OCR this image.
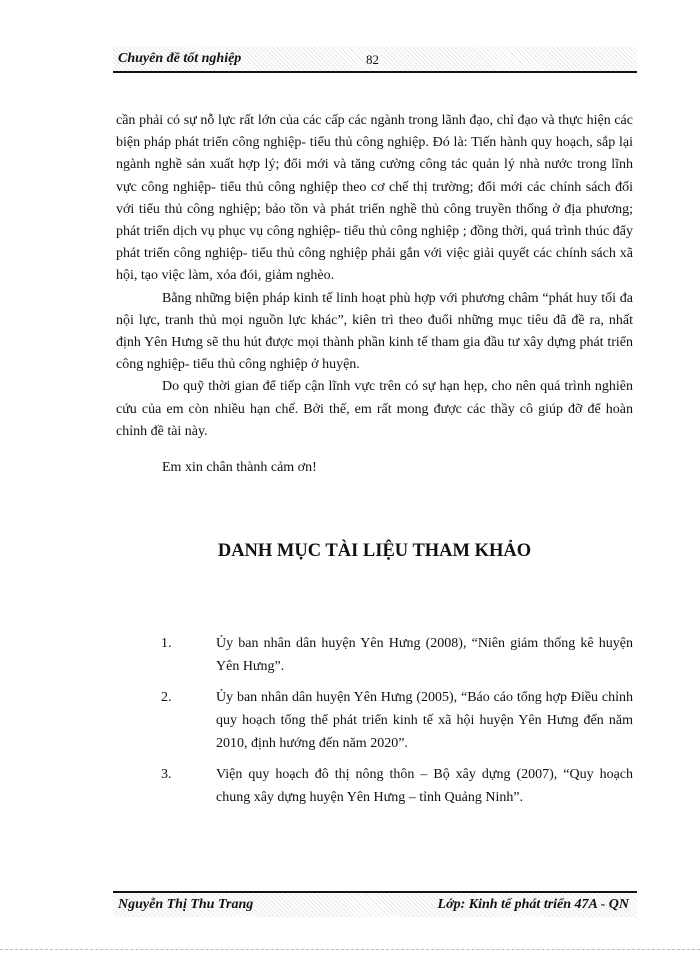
Chuyên đề tốt nghiệp	82

cần phải có sự nỗ lực rất lớn của các cấp các ngành trong lãnh đạo, chỉ đạo và thực hiện các biện pháp phát triển công nghiệp- tiểu thủ công nghiệp. Đó là: Tiến hành quy hoạch, sắp lại ngành nghề sản xuất hợp lý; đổi mới và tăng cường công tác quản lý nhà nước trong lĩnh vực công nghiệp- tiểu thủ công nghiệp theo cơ chế thị trường; đổi mới các chính sách đối với tiểu thủ công nghiệp; bảo tồn và phát triển nghề thủ công truyền thống ở địa phương; phát triển dịch vụ phục vụ công nghiệp- tiểu thủ công nghiệp ; đồng thời, quá trình thúc đẩy phát triển công nghiệp- tiểu thủ công nghiệp phải gắn với việc giải quyết các chính sách xã hội, tạo việc làm, xóa đói, giảm nghèo.

Bằng những biện pháp kinh tế linh hoạt phù hợp với phương châm “phát huy tối đa nội lực, tranh thủ mọi nguồn lực khác”, kiên trì theo đuổi những mục tiêu đã đề ra, nhất định Yên Hưng sẽ thu hút được mọi thành phần kinh tế tham gia đầu tư xây dựng phát triển công nghiệp- tiểu thủ công nghiệp ở huyện.

Do quỹ thời gian để tiếp cận lĩnh vực trên có sự hạn hẹp, cho nên quá trình nghiên cứu của em còn nhiều hạn chế. Bởi thế, em rất mong được các thầy cô giúp đỡ để hoàn chỉnh đề tài này.

Em xin chân thành cảm ơn!

DANH MỤC TÀI LIỆU THAM KHẢO
1.	Ủy ban nhân dân huyện Yên Hưng (2008), “Niên giám thống kê huyện Yên Hưng”.
2.	Ủy ban nhân dân huyện Yên Hưng (2005), “Báo cáo tổng hợp Điều chỉnh quy hoạch tổng thể phát triển kinh tế xã hội huyện Yên Hưng đến năm 2010, định hướng đến năm 2020”.
3.	Viện quy hoạch đô thị nông thôn – Bộ xây dựng (2007), “Quy hoạch chung xây dựng huyện Yên Hưng – tỉnh Quảng Ninh”.
Nguyễn Thị Thu Trang	Lớp: Kinh tế phát triển 47A - QN
